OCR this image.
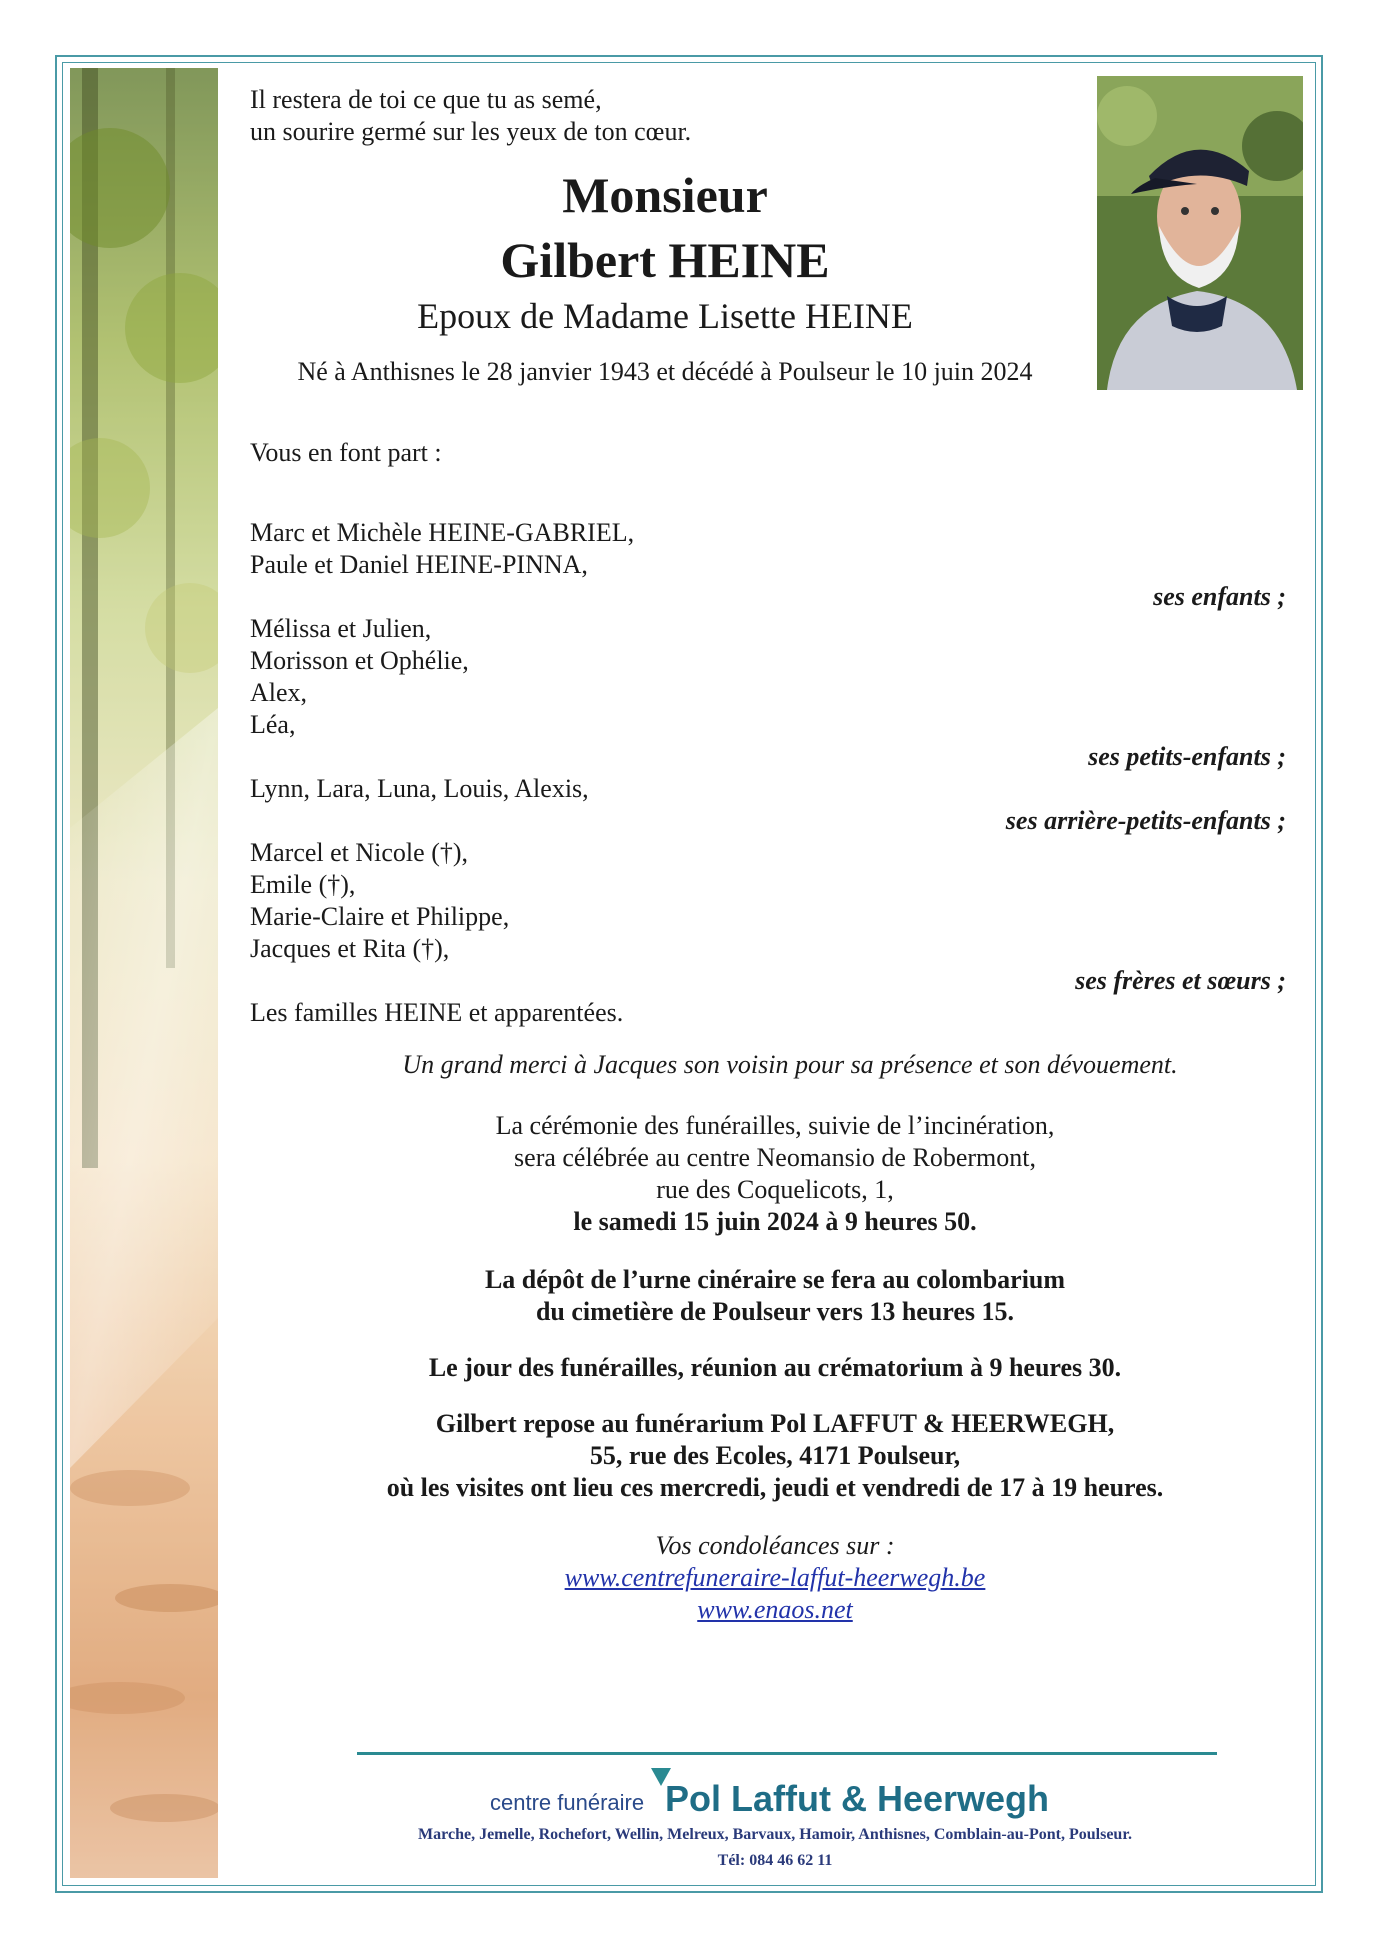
Il restera de toi ce que tu as semé,
un sourire germé sur les yeux de ton cœur.
Monsieur
Gilbert HEINE
Epoux de Madame Lisette HEINE
Né à Anthisnes le 28 janvier 1943 et décédé à Poulseur le 10 juin 2024
Vous en font part :
Marc et Michèle HEINE-GABRIEL,
Paule et Daniel HEINE-PINNA,
ses enfants ;
Mélissa et Julien,
Morisson et Ophélie,
Alex,
Léa,
ses petits-enfants ;
Lynn, Lara, Luna, Louis, Alexis,
ses arrière-petits-enfants ;
Marcel et Nicole (†),
Emile (†),
Marie-Claire et Philippe,
Jacques et Rita (†),
ses frères et sœurs ;
Les familles HEINE et apparentées.
Un grand merci à Jacques son voisin pour sa présence et son dévouement.
La cérémonie des funérailles, suivie de l’incinération,
sera célébrée au centre Neomansio de Robermont,
rue des Coquelicots, 1,
le samedi 15 juin 2024 à 9 heures 50.
La dépôt de l’urne cinéraire se fera au colombarium
du cimetière de Poulseur vers 13 heures 15.
Le jour des funérailles, réunion au crématorium à 9 heures 30.
Gilbert repose au funérarium Pol LAFFUT & HEERWEGH,
55, rue des Ecoles, 4171 Poulseur,
où les visites ont lieu ces mercredi, jeudi et vendredi de 17 à 19 heures.
Vos condoléances sur :
www.centrefuneraire-laffut-heerwegh.be
www.enaos.net
centre funéraire Pol Laffut & Heerwegh
Marche, Jemelle, Rochefort, Wellin, Melreux, Barvaux, Hamoir, Anthisnes, Comblain-au-Pont, Poulseur.
Tél: 084 46 62 11
